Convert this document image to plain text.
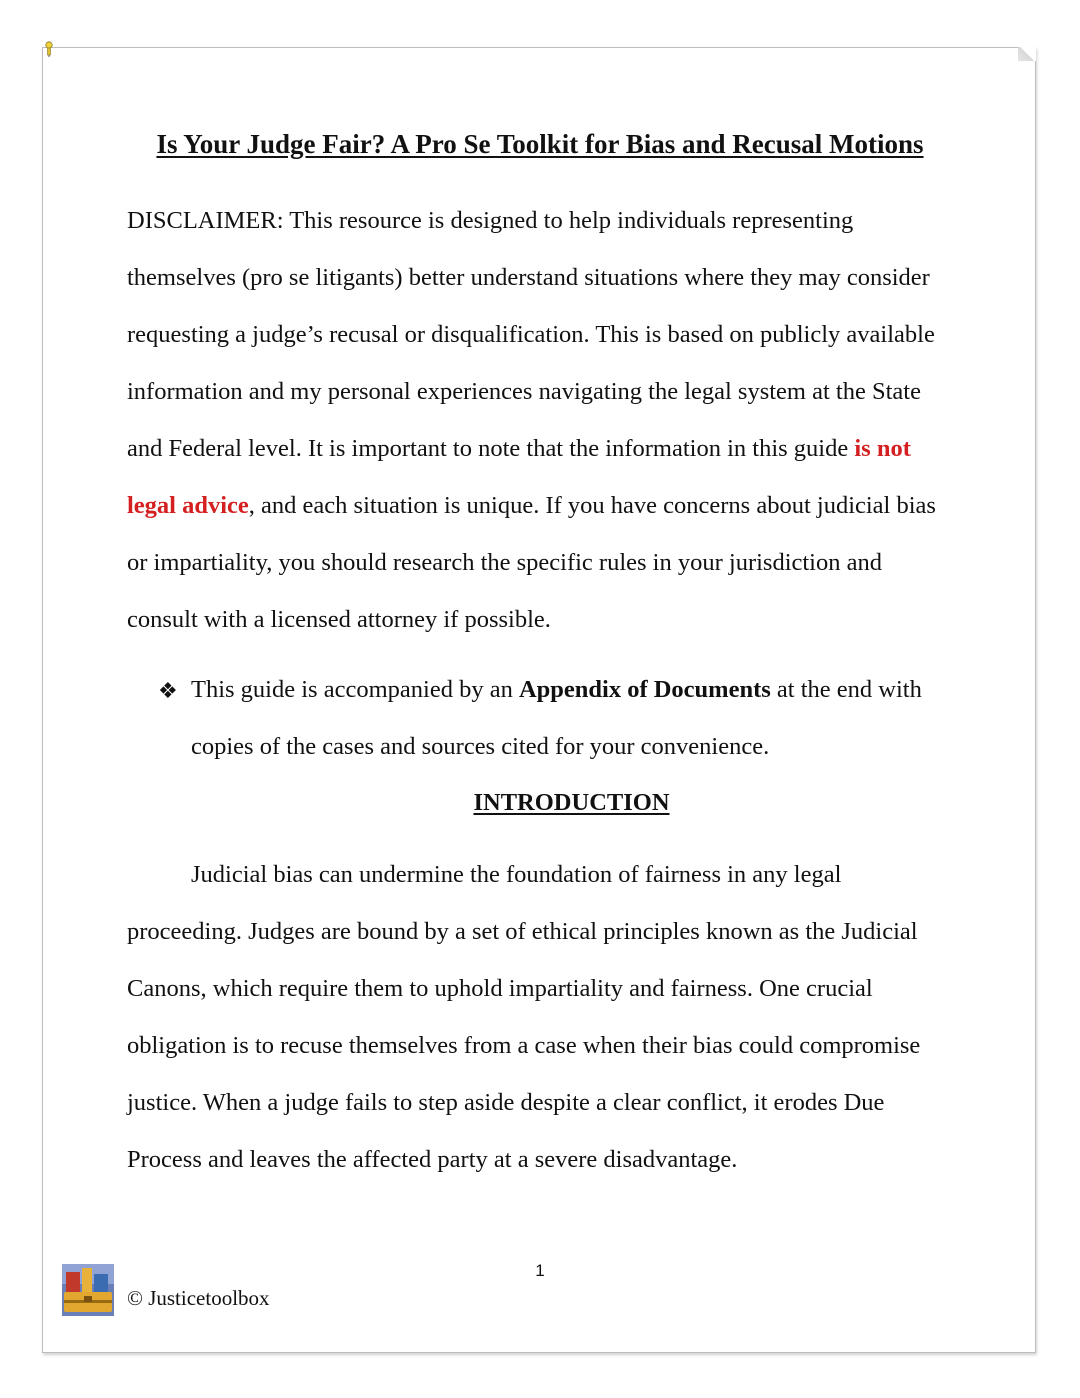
Is Your Judge Fair? A Pro Se Toolkit for Bias and Recusal Motions

DISCLAIMER: This resource is designed to help individuals representing

themselves (pro se litigants) better understand situations where they may consider

requesting a judge’s recusal or disqualification. This is based on publicly available

information and my personal experiences navigating the legal system at the State

and Federal level. It is important to note that the information in this guide is not

legal advice, and each situation is unique. If you have concerns about judicial bias

or impartiality, you should research the specific rules in your jurisdiction and

consult with a licensed attorney if possible.

❖ This guide is accompanied by an Appendix of Documents at the end with

copies of the cases and sources cited for your convenience.

INTRODUCTION

Judicial bias can undermine the foundation of fairness in any legal

proceeding. Judges are bound by a set of ethical principles known as the Judicial

Canons, which require them to uphold impartiality and fairness. One crucial

obligation is to recuse themselves from a case when their bias could compromise

justice. When a judge fails to step aside despite a clear conflict, it erodes Due

Process and leaves the affected party at a severe disadvantage.

1
© Justicetoolbox
